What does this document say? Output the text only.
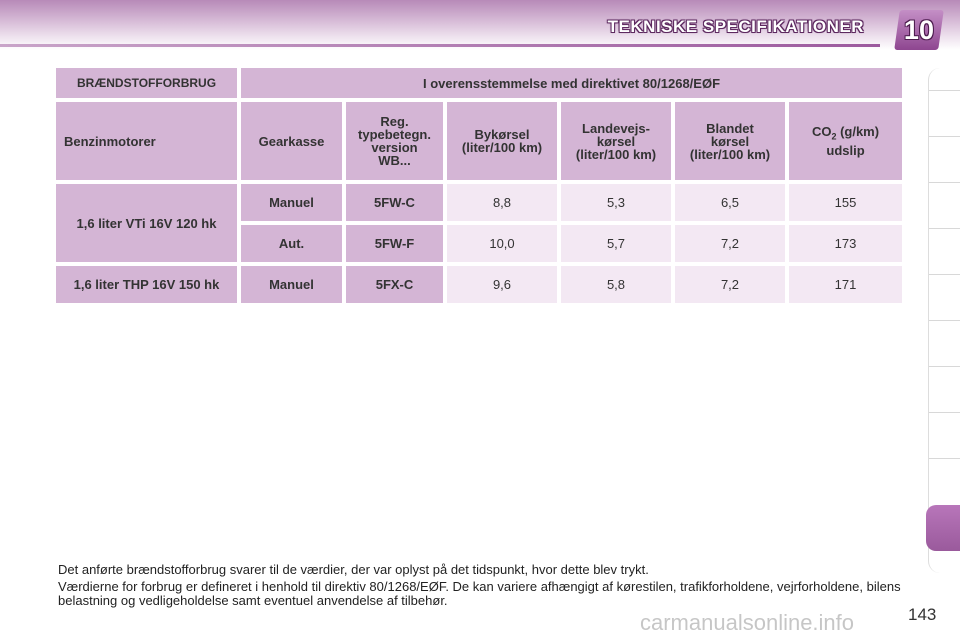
TEKNISKE SPECIFIKATIONER 10
BRÆNDSTOFFORBRUG	I overensstemmelse med direktivet 80/1268/EØF					
Benzinmotorer	Gearkasse	Reg.
typebetegn.
version
WB...	Bykørsel
(liter/100 km)	Landevejs-
kørsel
(liter/100 km)	Blandet
kørsel
(liter/100 km)	$CO_2$ (g/km)
udslip
1,6 liter VTi 16V 120 hk	Manuel	5FW-C	8,8	5,3	6,5	155
	Aut.	5FW-F	10,0	5,7	7,2	173
1,6 liter THP 16V 150 hk	Manuel	5FX-C	9,6	5,8	7,2	171
Det anførte brændstofforbrug svarer til de værdier, der var oplyst på det tidspunkt, hvor dette blev trykt.
Værdierne for forbrug er defineret i henhold til direktiv 80/1268/EØF. De kan variere afhængigt af kørestilen, trafikforholdene, vejrforholdene, bilens belastning og vedligeholdelse samt eventuel anvendelse af tilbehør.
143
carmanualsonline.info
